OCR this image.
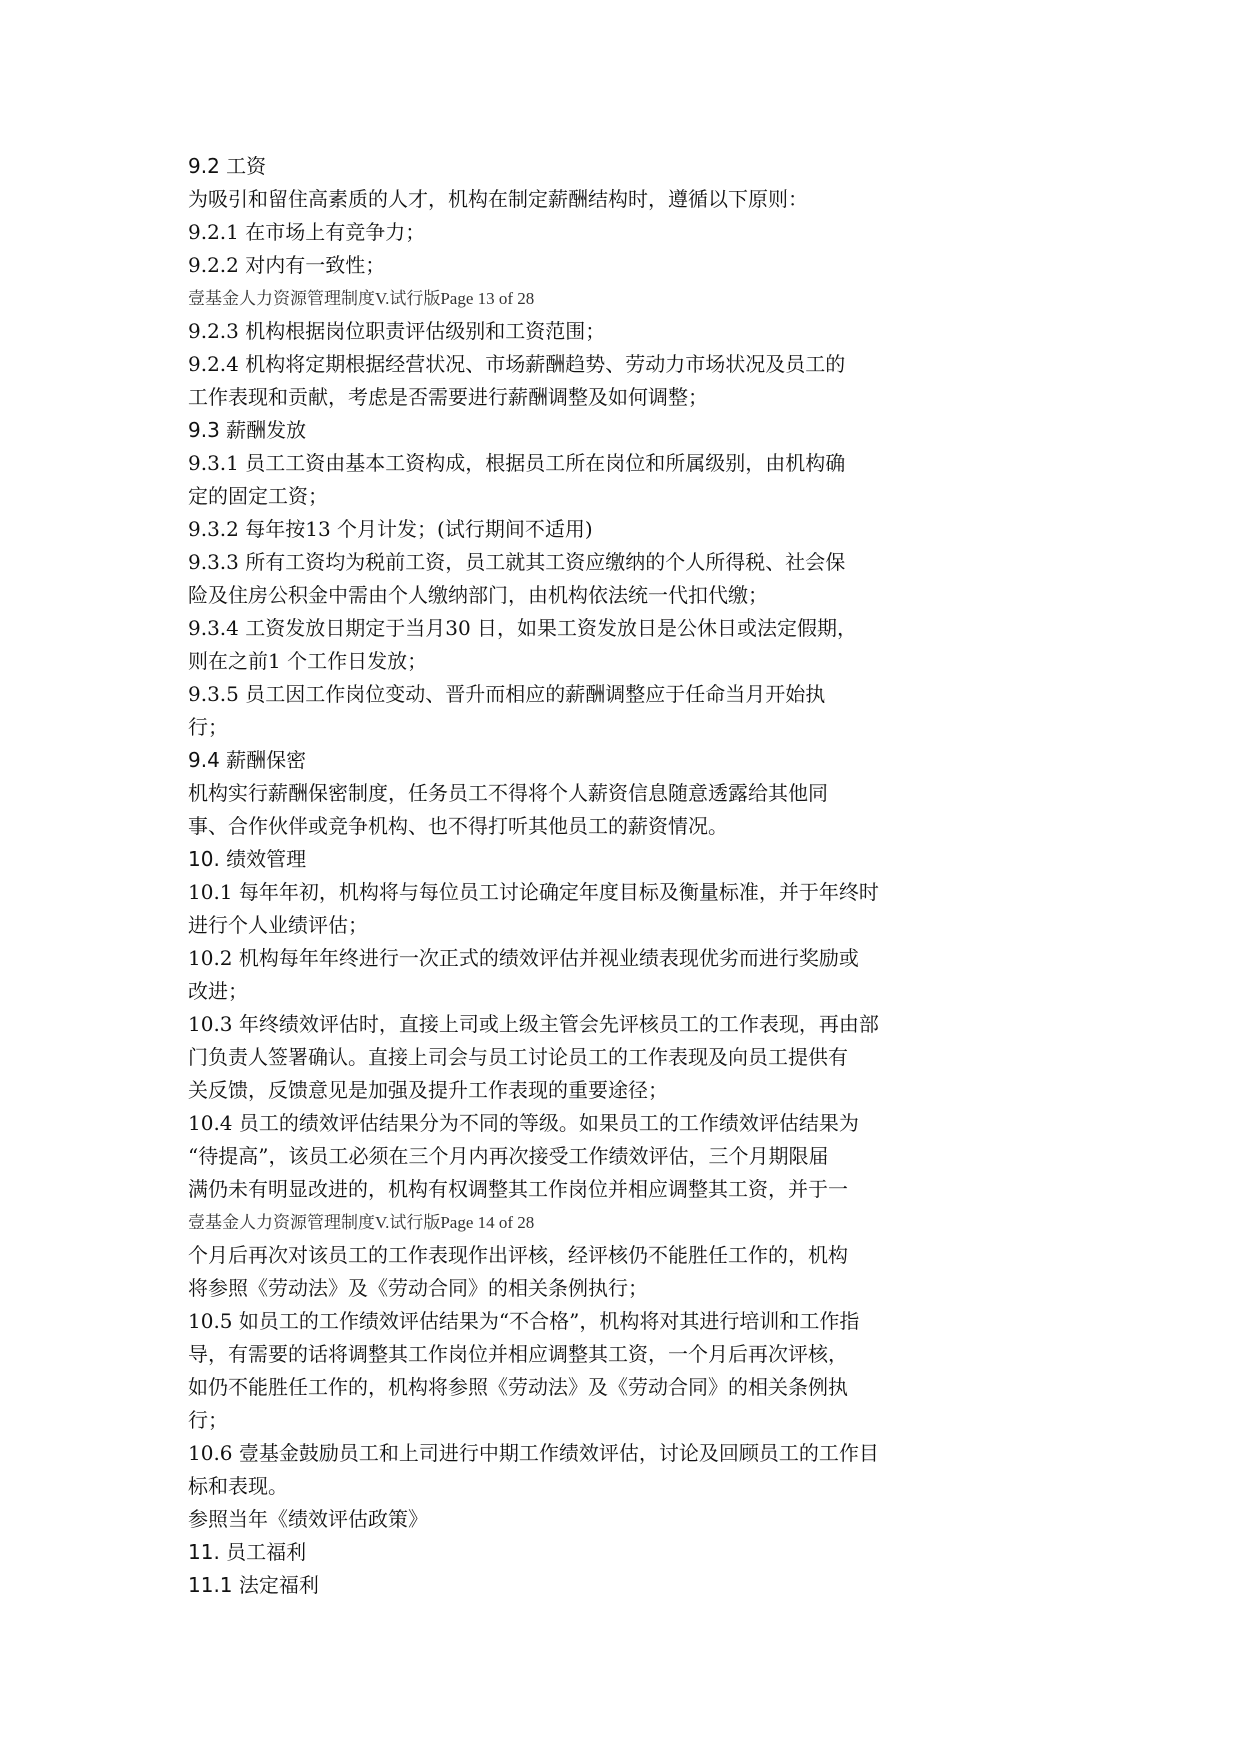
9.2 工资
为吸引和留住高素质的人才，机构在制定薪酬结构时，遵循以下原则：
9.2.1 在市场上有竞争力；
9.2.2 对内有一致性；
壹基金人力资源管理制度V.试行版Page 13 of 28
9.2.3 机构根据岗位职责评估级别和工资范围；
9.2.4 机构将定期根据经营状况、市场薪酬趋势、劳动力市场状况及员工的
工作表现和贡献，考虑是否需要进行薪酬调整及如何调整；
9.3 薪酬发放
9.3.1 员工工资由基本工资构成，根据员工所在岗位和所属级别，由机构确
定的固定工资；
9.3.2 每年按13 个月计发；(试行期间不适用)
9.3.3 所有工资均为税前工资，员工就其工资应缴纳的个人所得税、社会保
险及住房公积金中需由个人缴纳部门，由机构依法统一代扣代缴；
9.3.4 工资发放日期定于当月30 日，如果工资发放日是公休日或法定假期，
则在之前1 个工作日发放；
9.3.5 员工因工作岗位变动、晋升而相应的薪酬调整应于任命当月开始执
行；
9.4 薪酬保密
机构实行薪酬保密制度，任务员工不得将个人薪资信息随意透露给其他同
事、合作伙伴或竞争机构、也不得打听其他员工的薪资情况。
10. 绩效管理
10.1 每年年初，机构将与每位员工讨论确定年度目标及衡量标准，并于年终时
进行个人业绩评估；
10.2 机构每年年终进行一次正式的绩效评估并视业绩表现优劣而进行奖励或
改进；
10.3 年终绩效评估时，直接上司或上级主管会先评核员工的工作表现，再由部
门负责人签署确认。直接上司会与员工讨论员工的工作表现及向员工提供有
关反馈，反馈意见是加强及提升工作表现的重要途径；
10.4 员工的绩效评估结果分为不同的等级。如果员工的工作绩效评估结果为
“待提高”，该员工必须在三个月内再次接受工作绩效评估，三个月期限届
满仍未有明显改进的，机构有权调整其工作岗位并相应调整其工资，并于一
壹基金人力资源管理制度V.试行版Page 14 of 28
个月后再次对该员工的工作表现作出评核，经评核仍不能胜任工作的，机构
将参照《劳动法》及《劳动合同》的相关条例执行；
10.5 如员工的工作绩效评估结果为“不合格”，机构将对其进行培训和工作指
导，有需要的话将调整其工作岗位并相应调整其工资，一个月后再次评核，
如仍不能胜任工作的，机构将参照《劳动法》及《劳动合同》的相关条例执
行；
10.6 壹基金鼓励员工和上司进行中期工作绩效评估，讨论及回顾员工的工作目
标和表现。
参照当年《绩效评估政策》
11. 员工福利
11.1 法定福利
